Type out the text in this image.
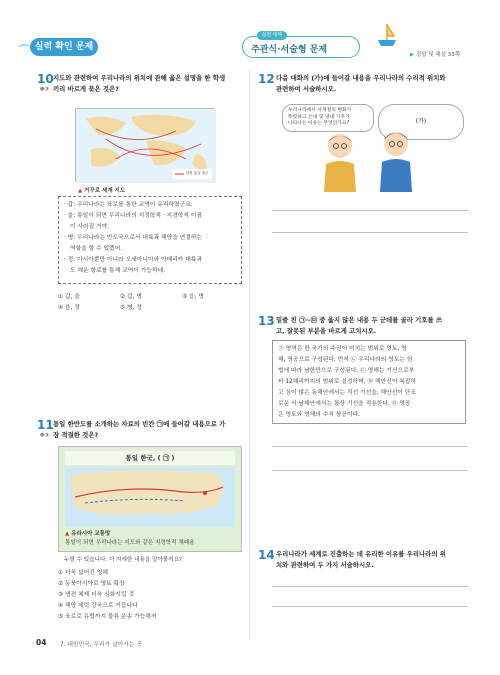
실력 확인 문제
실전 대비
주관식·서술형 문제	▶ 정답 및 해설 33쪽
10
●◑
지도와 관련하여 우리나라의 위치에 관해 옳은 설명을 한 학생
끼리 바르게 묶은 것은?
남한 통일 철도
▲ 거꾸로 세계 지도

· 갑: 우리나라는 육로를 통한 교역이 유리하였군요.

· 을: 통일이 되면 우리나라의 지정학적 · 지경학적 이점

이 사라질 거야.

· 병: 우리나라는 반도국으로서 대륙과 해양을 연결하는

역할을 할 수 있겠어.

· 정: 아시아뿐만 아니라 오세아니아와 아메리카 대륙과

도 해운 항로를 통해 교역이 가능하네.

① 갑, 을	② 갑, 병	③ 을, 병
④ 을, 정	⑤ 병, 정
11
●◑
통일 한반도를 소개하는 자료의 빈칸 ㉠에 들어갈 내용으로 가
장 적절한 것은?
통일 한국, ( ㉠ )
▲ 유라시아 교통망
통일이 되면 우리나라는 지도와 같은 지정학적 체때용
누릴 수 있습니다. 더 자세한 내용을 알아볼까요?
① 더욱 넓어진 영해
② 동북아시아로 영토 확장
③ 냉전 체제 더욱 심화시킬 것
④ 해양 세력 강국으로 거듭나다
⑤ 육로로 유럽까지 물류 운송 가능해져
12 다음 대화의 (가)에 들어갈 내용을 우리나라의 수리적 위치와
관련하여 서술하시오.
우리나라에서 사계절의 변화가
뚜렷하고 온대 및 냉대 기후가
나타나는 이유는 무엇인가요?	(가)
13 밑줄 친 ㉠~㉤ 중 옳지 않은 내용 두 군데를 골라 기호를 쓰
고, 잘못된 부분을 바르게 고치시오.

㉠ 영역은 한 국가의 주권이 미치는 범위로 영토, 영

해, 영공으로 구성된다. 먼저 ㉡ 우리나라의 영토는 헌

법에 따라 남한만으로 구성된다. ㉢ 영해는 기선으로부

터 12해리까지의 범위로 설정하며, ㉣ 해안선이 복잡하

고 섬이 많은 동해안에서는 직선 기선을, 해안선이 단조

로운 서·남해안에서는 통상 기선을 적용한다. ㉤ 영공

은 영토와 영해의 수직 상공이다.

14 우리나라가 세계로 진출하는 데 유리한 이유를 우리나라의 위
치와 관련하여 두 가지 서술하시오.
04 7. 대한민국, 우리가 살아가는 곳
